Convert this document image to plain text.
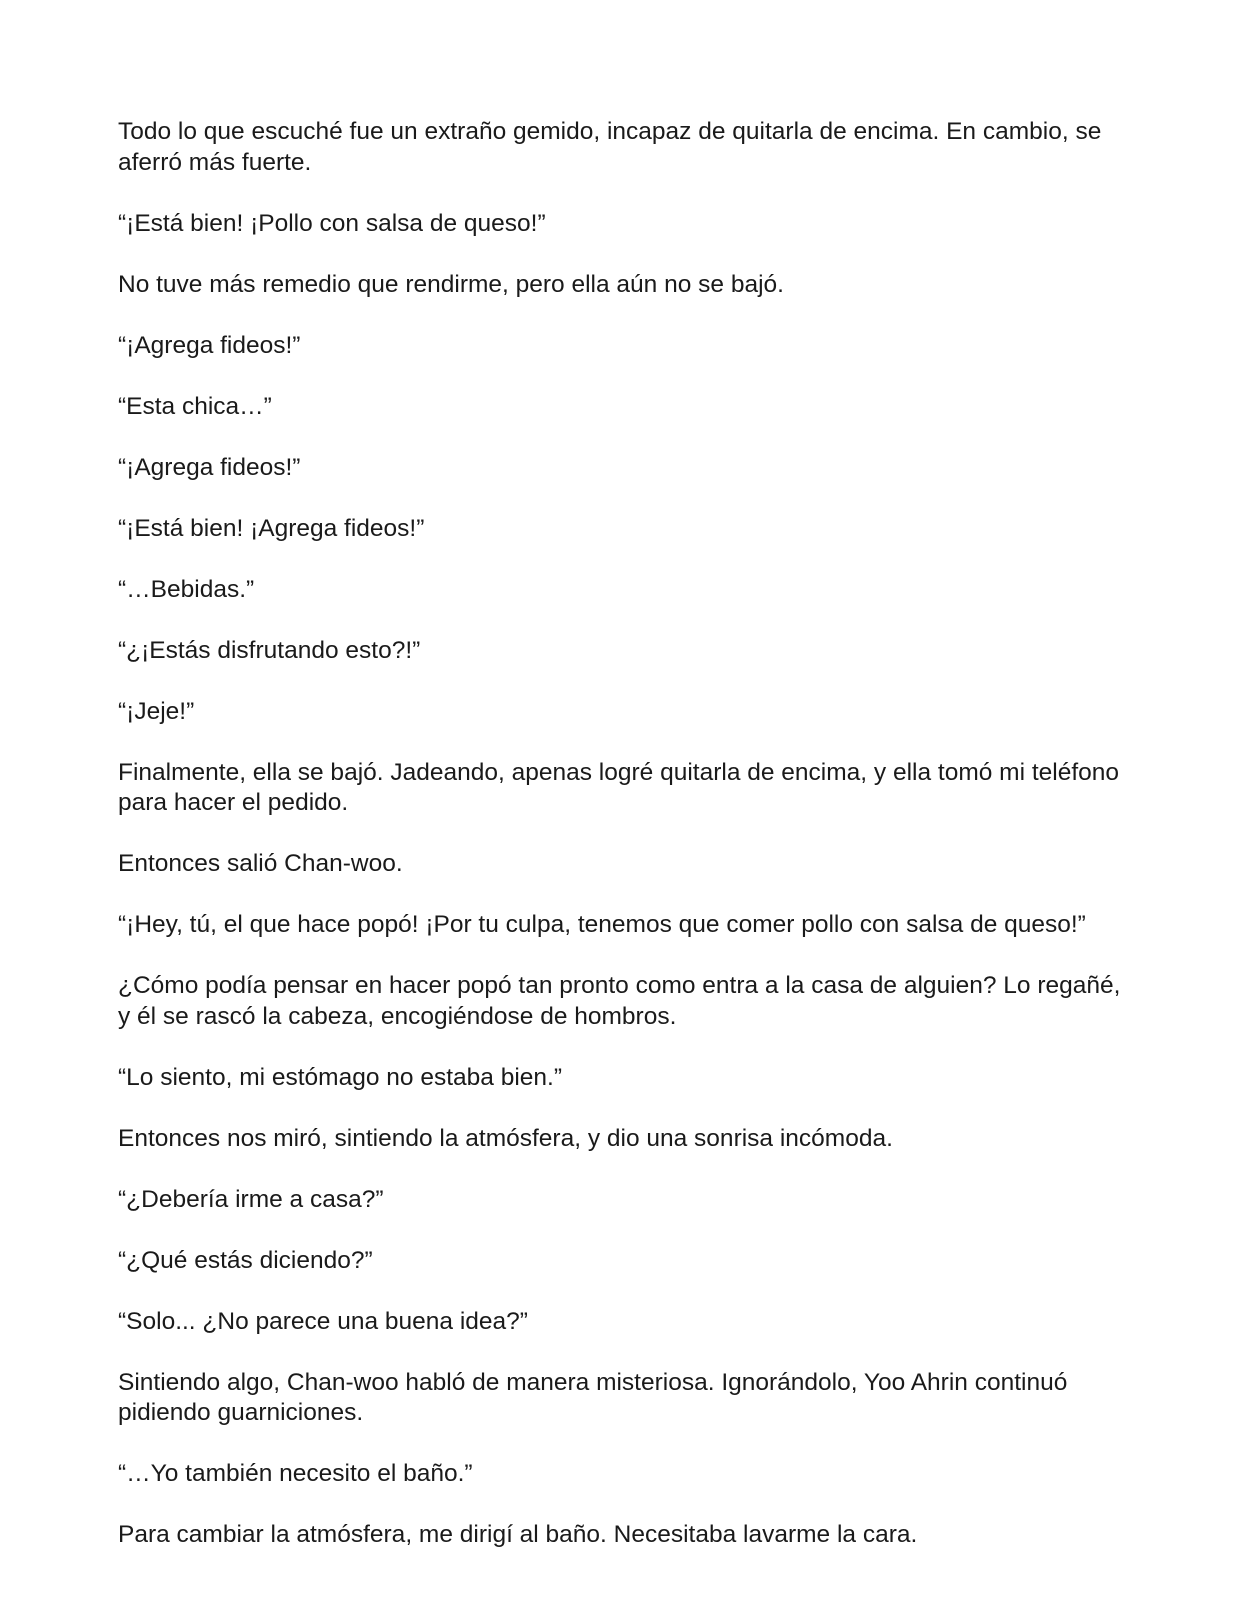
Todo lo que escuché fue un extraño gemido, incapaz de quitarla de encima. En cambio, se aferró más fuerte.

“¡Está bien! ¡Pollo con salsa de queso!”

No tuve más remedio que rendirme, pero ella aún no se bajó.

“¡Agrega fideos!”

“Esta chica…”

“¡Agrega fideos!”

“¡Está bien! ¡Agrega fideos!”

“…Bebidas.”

“¿¡Estás disfrutando esto?!”

“¡Jeje!”

Finalmente, ella se bajó. Jadeando, apenas logré quitarla de encima, y ella tomó mi teléfono para hacer el pedido.

Entonces salió Chan-woo.

“¡Hey, tú, el que hace popó! ¡Por tu culpa, tenemos que comer pollo con salsa de queso!”

¿Cómo podía pensar en hacer popó tan pronto como entra a la casa de alguien? Lo regañé, y él se rascó la cabeza, encogiéndose de hombros.

“Lo siento, mi estómago no estaba bien.”

Entonces nos miró, sintiendo la atmósfera, y dio una sonrisa incómoda.

“¿Debería irme a casa?”

“¿Qué estás diciendo?”

“Solo... ¿No parece una buena idea?”

Sintiendo algo, Chan-woo habló de manera misteriosa. Ignorándolo, Yoo Ahrin continuó pidiendo guarniciones.

“…Yo también necesito el baño.”

Para cambiar la atmósfera, me dirigí al baño. Necesitaba lavarme la cara.
